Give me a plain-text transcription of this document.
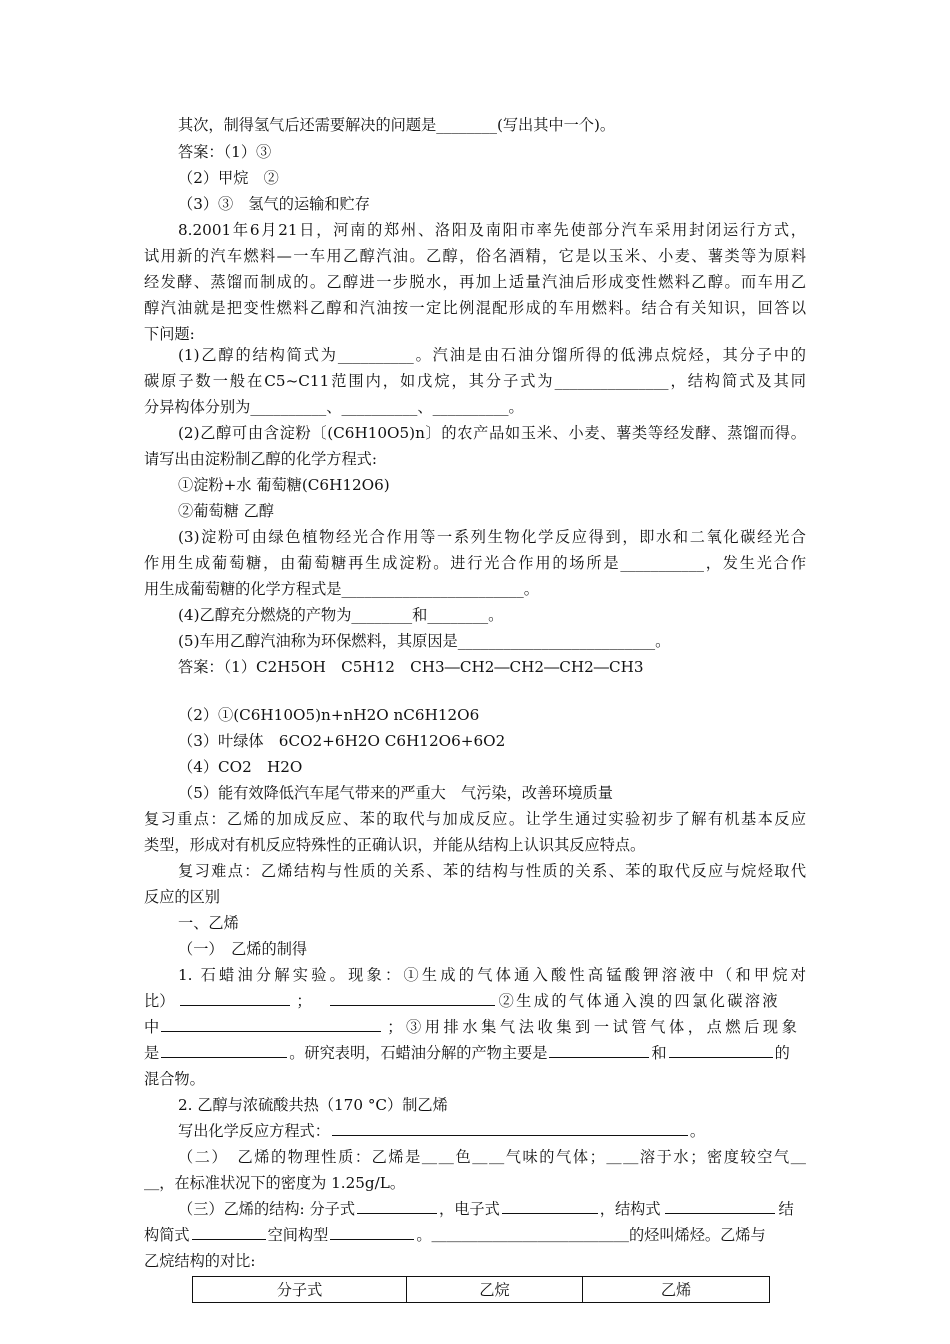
其次，制得氢气后还需要解决的问题是________(写出其中一个)。
答案：（1）③
（2）甲烷　②
（3）③　氢气的运输和贮存
8.2001年6月21日，河南的郑州、洛阳及南阳市率先使部分汽车采用封闭运行方式，
试用新的汽车燃料—一车用乙醇汽油。乙醇，俗名酒精，它是以玉米、小麦、薯类等为原料
经发酵、蒸馏而制成的。乙醇进一步脱水，再加上适量汽油后形成变性燃料乙醇。而车用乙
醇汽油就是把变性燃料乙醇和汽油按一定比例混配形成的车用燃料。结合有关知识，回答以
下问题:
(1)乙醇的结构简式为__________。汽油是由石油分馏所得的低沸点烷烃，其分子中的
碳原子数一般在C5~C11范围内，如戊烷，其分子式为_______________，结构简式及其同
分异构体分别为__________、__________、__________。
(2)乙醇可由含淀粉〔(C6H10O5)n〕的农产品如玉米、小麦、薯类等经发酵、蒸馏而得。
请写出由淀粉制乙醇的化学方程式:
①淀粉+水 葡萄糖(C6H12O6)
②葡萄糖 乙醇
(3)淀粉可由绿色植物经光合作用等一系列生物化学反应得到，即水和二氧化碳经光合
作用生成葡萄糖，由葡萄糖再生成淀粉。进行光合作用的场所是___________，发生光合作
用生成葡萄糖的化学方程式是________________________。
(4)乙醇充分燃烧的产物为________和________。
(5)车用乙醇汽油称为环保燃料，其原因是__________________________。
答案：（1）C2H5OH　C5H12　CH3―CH2―CH2―CH2―CH3
（2）①(C6H10O5)n+nH2O nC6H12O6
（3）叶绿体　6CO2+6H2O C6H12O6+6O2
（4）CO2　H2O
（5）能有效降低汽车尾气带来的严重大　气污染，改善环境质量
复习重点：乙烯的加成反应、苯的取代与加成反应。让学生通过实验初步了解有机基本反应
类型，形成对有机反应特殊性的正确认识，并能从结构上认识其反应特点。
复习难点：乙烯结构与性质的关系、苯的结构与性质的关系、苯的取代反应与烷烃取代
反应的区别
一、乙烯
（一）　乙烯的制得
1. 石蜡油分解实验。现象：①生成的气体通入酸性高锰酸钾溶液中（和甲烷对
比）	；	②生成的气体通入溴的四氯化碳溶液
中	；③用排水集气法收集到一试管气体，点燃后现象
是	。研究表明，石蜡油分解的产物主要是	和	的
混合物。
2. 乙醇与浓硫酸共热（170 °C）制乙烯
写出化学反应方程式：	。
（二）　乙烯的物理性质：乙烯是＿＿色＿＿气味的气体；＿＿溶于水；密度较空气＿
＿，在标准状况下的密度为 1.25g/L。
（三）乙烯的结构: 分子式	，电子式	，结构式	结
构简式	空间构型	。＿＿＿＿＿＿＿＿＿＿＿＿＿的烃叫烯烃。乙烯与
乙烷结构的对比:
分子式	乙烷	乙烯
